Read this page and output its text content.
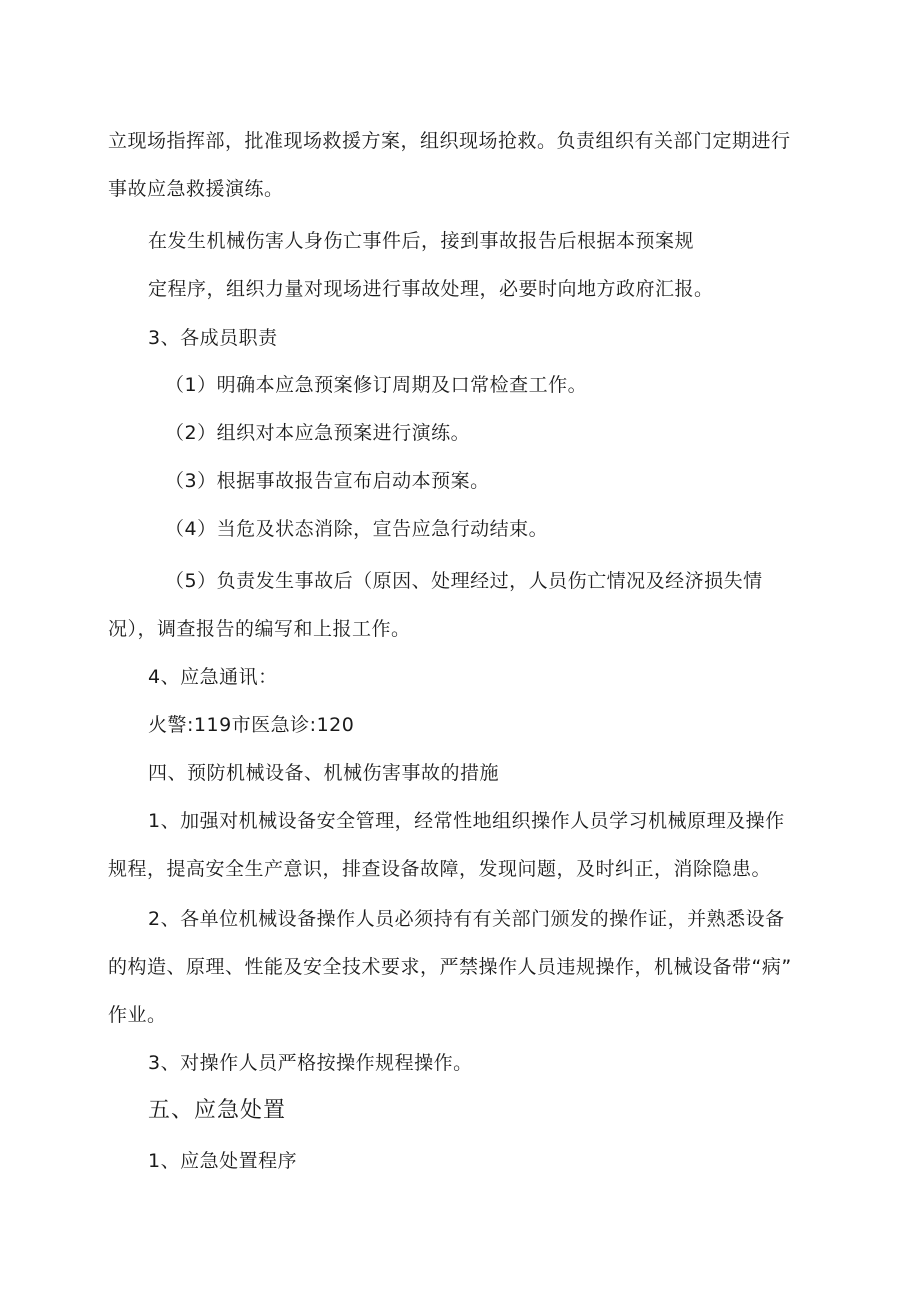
立现场指挥部，批准现场救援方案，组织现场抢救。负责组织有关部门定期进行
事故应急救援演练。
在发生机械伤害人身伤亡事件后，接到事故报告后根据本预案规
定程序，组织力量对现场进行事故处理，必要时向地方政府汇报。
3、各成员职责
（1）明确本应急预案修订周期及口常检查工作。
（2）组织对本应急预案进行演练。
（3）根据事故报告宣布启动本预案。
（4）当危及状态消除，宣告应急行动结束。
（5）负责发生事故后（原因、处理经过，人员伤亡情况及经济损失情
况），调查报告的编写和上报工作。
4、应急通讯：
火警:119市医急诊:120
四、预防机械设备、机械伤害事故的措施
1、加强对机械设备安全管理，经常性地组织操作人员学习机械原理及操作
规程，提高安全生产意识，排查设备故障，发现问题，及时纠正，消除隐患。
2、各单位机械设备操作人员必须持有有关部门颁发的操作证，并熟悉设备
的构造、原理、性能及安全技术要求，严禁操作人员违规操作，机械设备带“病”
作业。
3、对操作人员严格按操作规程操作。
五、应急处置
1、应急处置程序
